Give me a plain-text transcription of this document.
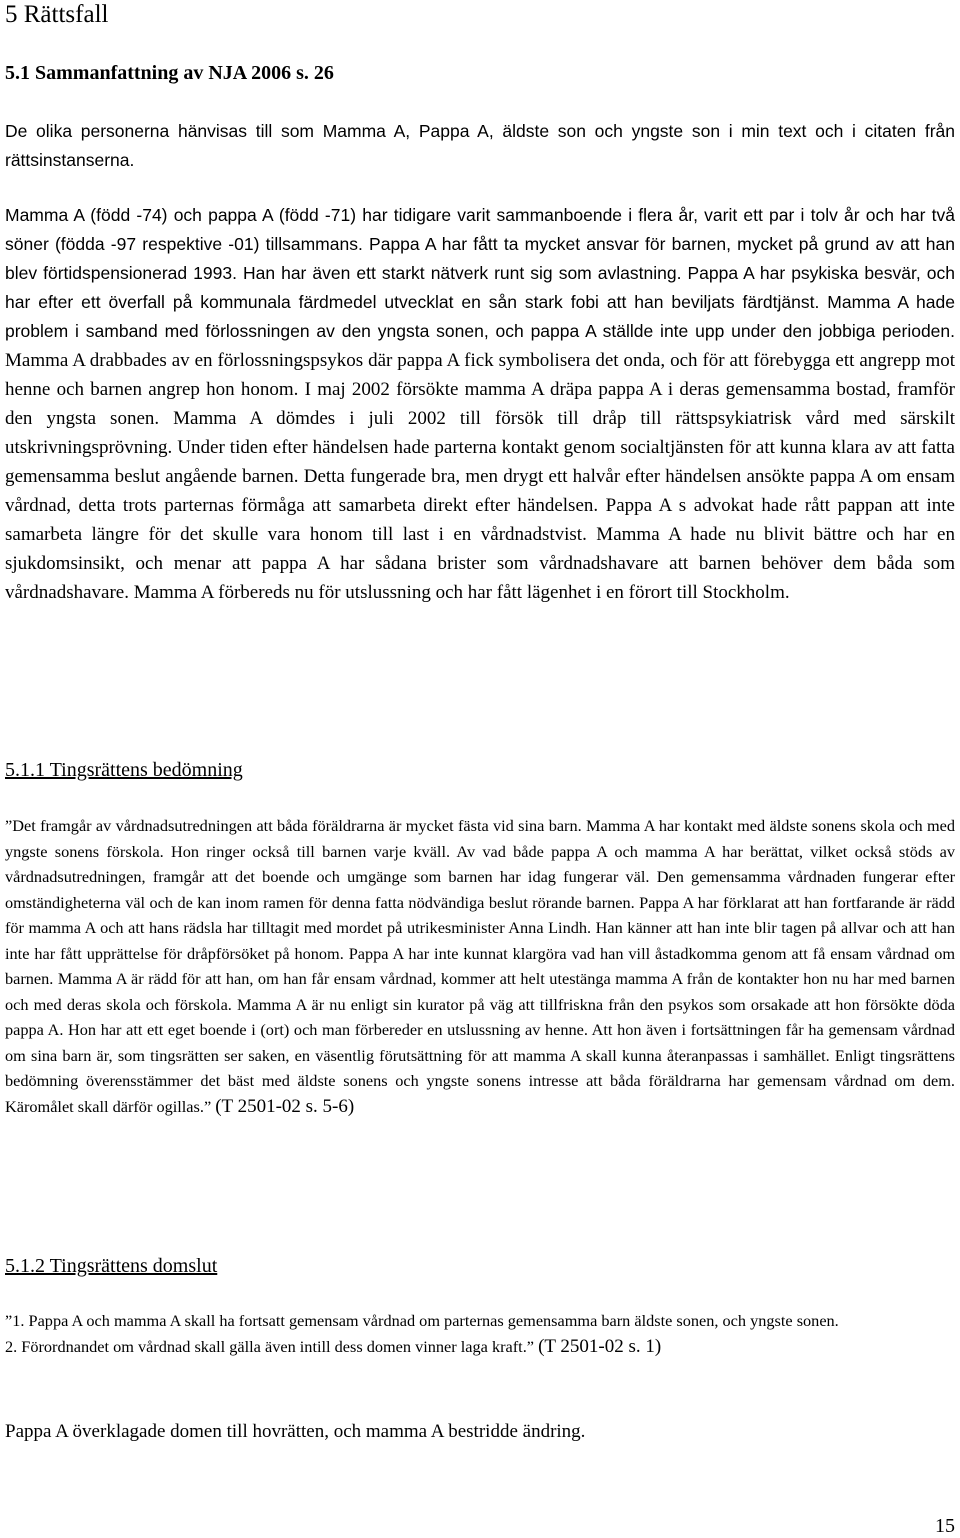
5 Rättsfall
5.1 Sammanfattning av NJA 2006 s. 26

De olika personerna hänvisas till som Mamma A, Pappa A, äldste son och yngste son i min text och i citaten från rättsinstanserna.

Mamma A (född -74) och pappa A (född -71) har tidigare varit sammanboende i flera år, varit ett par i tolv år och har två söner (födda -97 respektive -01) tillsammans. Pappa A har fått ta mycket ansvar för barnen, mycket på grund av att han blev förtidspensionerad 1993. Han har även ett starkt nätverk runt sig som avlastning. Pappa A har psykiska besvär, och har efter ett överfall på kommunala färdmedel utvecklat en sån stark fobi att han beviljats färdtjänst. Mamma A hade problem i samband med förlossningen av den yngsta sonen, och pappa A ställde inte upp under den jobbiga perioden. Mamma A drabbades av en förlossningspsykos där pappa A fick symbolisera det onda, och för att förebygga ett angrepp mot henne och barnen angrep hon honom. I maj 2002 försökte mamma A dräpa pappa A i deras gemensamma bostad, framför den yngsta sonen. Mamma A dömdes i juli 2002 till försök till dråp till rättspsykiatrisk vård med särskilt utskrivningsprövning. Under tiden efter händelsen hade parterna kontakt genom socialtjänsten för att kunna klara av att fatta gemensamma beslut angående barnen. Detta fungerade bra, men drygt ett halvår efter händelsen ansökte pappa A om ensam vårdnad, detta trots parternas förmåga att samarbeta direkt efter händelsen. Pappa A s advokat hade rått pappan att inte samarbeta längre för det skulle vara honom till last i en vårdnadstvist. Mamma A hade nu blivit bättre och har en sjukdomsinsikt, och menar att pappa A har sådana brister som vårdnadshavare att barnen behöver dem båda som vårdnadshavare. Mamma A förbereds nu för utslussning och har fått lägenhet i en förort till Stockholm.

5.1.1 Tingsrättens bedömning

”Det framgår av vårdnadsutredningen att båda föräldrarna är mycket fästa vid sina barn. Mamma A har kontakt med äldste sonens skola och med yngste sonens förskola. Hon ringer också till barnen varje kväll. Av vad både pappa A och mamma A har berättat, vilket också stöds av vårdnadsutredningen, framgår att det boende och umgänge som barnen har idag fungerar väl. Den gemensamma vårdnaden fungerar efter omständigheterna väl och de kan inom ramen för denna fatta nödvändiga beslut rörande barnen. Pappa A har förklarat att han fortfarande är rädd för mamma A och att hans rädsla har tilltagit med mordet på utrikesminister Anna Lindh. Han känner att han inte blir tagen på allvar och att han inte har fått upprättelse för dråpförsöket på honom. Pappa A har inte kunnat klargöra vad han vill åstadkomma genom att få ensam vårdnad om barnen. Mamma A är rädd för att han, om han får ensam vårdnad, kommer att helt utestänga mamma A från de kontakter hon nu har med barnen och med deras skola och förskola. Mamma A är nu enligt sin kurator på väg att tillfriskna från den psykos som orsakade att hon försökte döda pappa A. Hon har att ett eget boende i (ort) och man förbereder en utslussning av henne. Att hon även i fortsättningen får ha gemensam vårdnad om sina barn är, som tingsrätten ser saken, en väsentlig förutsättning för att mamma A skall kunna återanpassas i samhället. Enligt tingsrättens bedömning överensstämmer det bäst med äldste sonens och yngste sonens intresse att båda föräldrarna har gemensam vårdnad om dem. Käromålet skall därför ogillas.” (T 2501-02 s. 5-6)

5.1.2 Tingsrättens domslut

”1. Pappa A och mamma A skall ha fortsatt gemensam vårdnad om parternas gemensamma barn äldste sonen, och yngste sonen.

2. Förordnandet om vårdnad skall gälla även intill dess domen vinner laga kraft.” (T 2501-02 s. 1)

Pappa A överklagade domen till hovrätten, och mamma A bestridde ändring.

15
